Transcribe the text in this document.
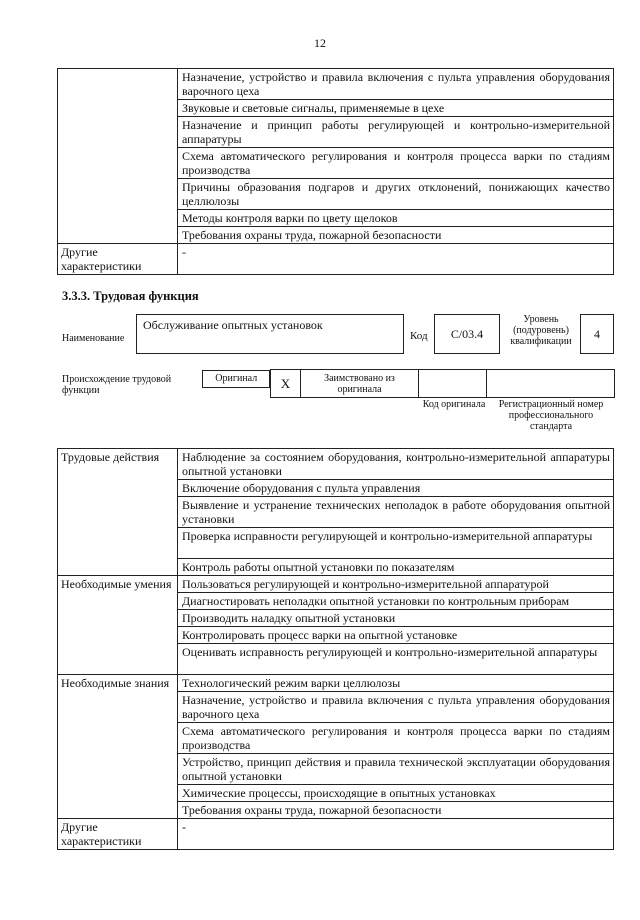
12
	Назначение, устройство и правила включения с пульта управления оборудования варочного цеха
	Звуковые и световые сигналы, применяемые в цехе
	Назначение и принцип работы регулирующей и контрольно-измерительной аппаратуры
	Схема автоматического регулирования и контроля процесса варки по стадиям производства
	Причины образования подгаров и других отклонений, понижающих качество целлюлозы
	Методы контроля варки по цвету щелоков
	Требования охраны труда, пожарной безопасности
Другие характеристики	-
3.3.3. Трудовая функция
Наименование
Обслуживание опытных установок
Код С/03.4
Уровень (подуровень) квалификации
4
Происхождение трудовой функции
Оригинал	X	Заимствовано из оригинала		
Код оригинала	Регистрационный номер профессионального стандарта
Трудовые действия	Наблюдение за состоянием оборудования, контрольно-измерительной аппаратуры опытной установки
	Включение оборудования с пульта управления
	Выявление и устранение технических неполадок в работе оборудования опытной установки
	Проверка исправности регулирующей и контрольно-измерительной аппаратуры
	Контроль работы опытной установки по показателям
Необходимые умения	Пользоваться регулирующей и контрольно-измерительной аппаратурой
	Диагностировать неполадки опытной установки по контрольным приборам
	Производить наладку опытной установки
	Контролировать процесс варки на опытной установке
	Оценивать исправность регулирующей и контрольно-измерительной аппаратуры
Необходимые знания	Технологический режим варки целлюлозы
	Назначение, устройство и правила включения с пульта управления оборудования варочного цеха
	Схема автоматического регулирования и контроля процесса варки по стадиям производства
	Устройство, принцип действия и правила технической эксплуатации оборудования опытной установки
	Химические процессы, происходящие в опытных установках
	Требования охраны труда, пожарной безопасности
Другие характеристики	-
